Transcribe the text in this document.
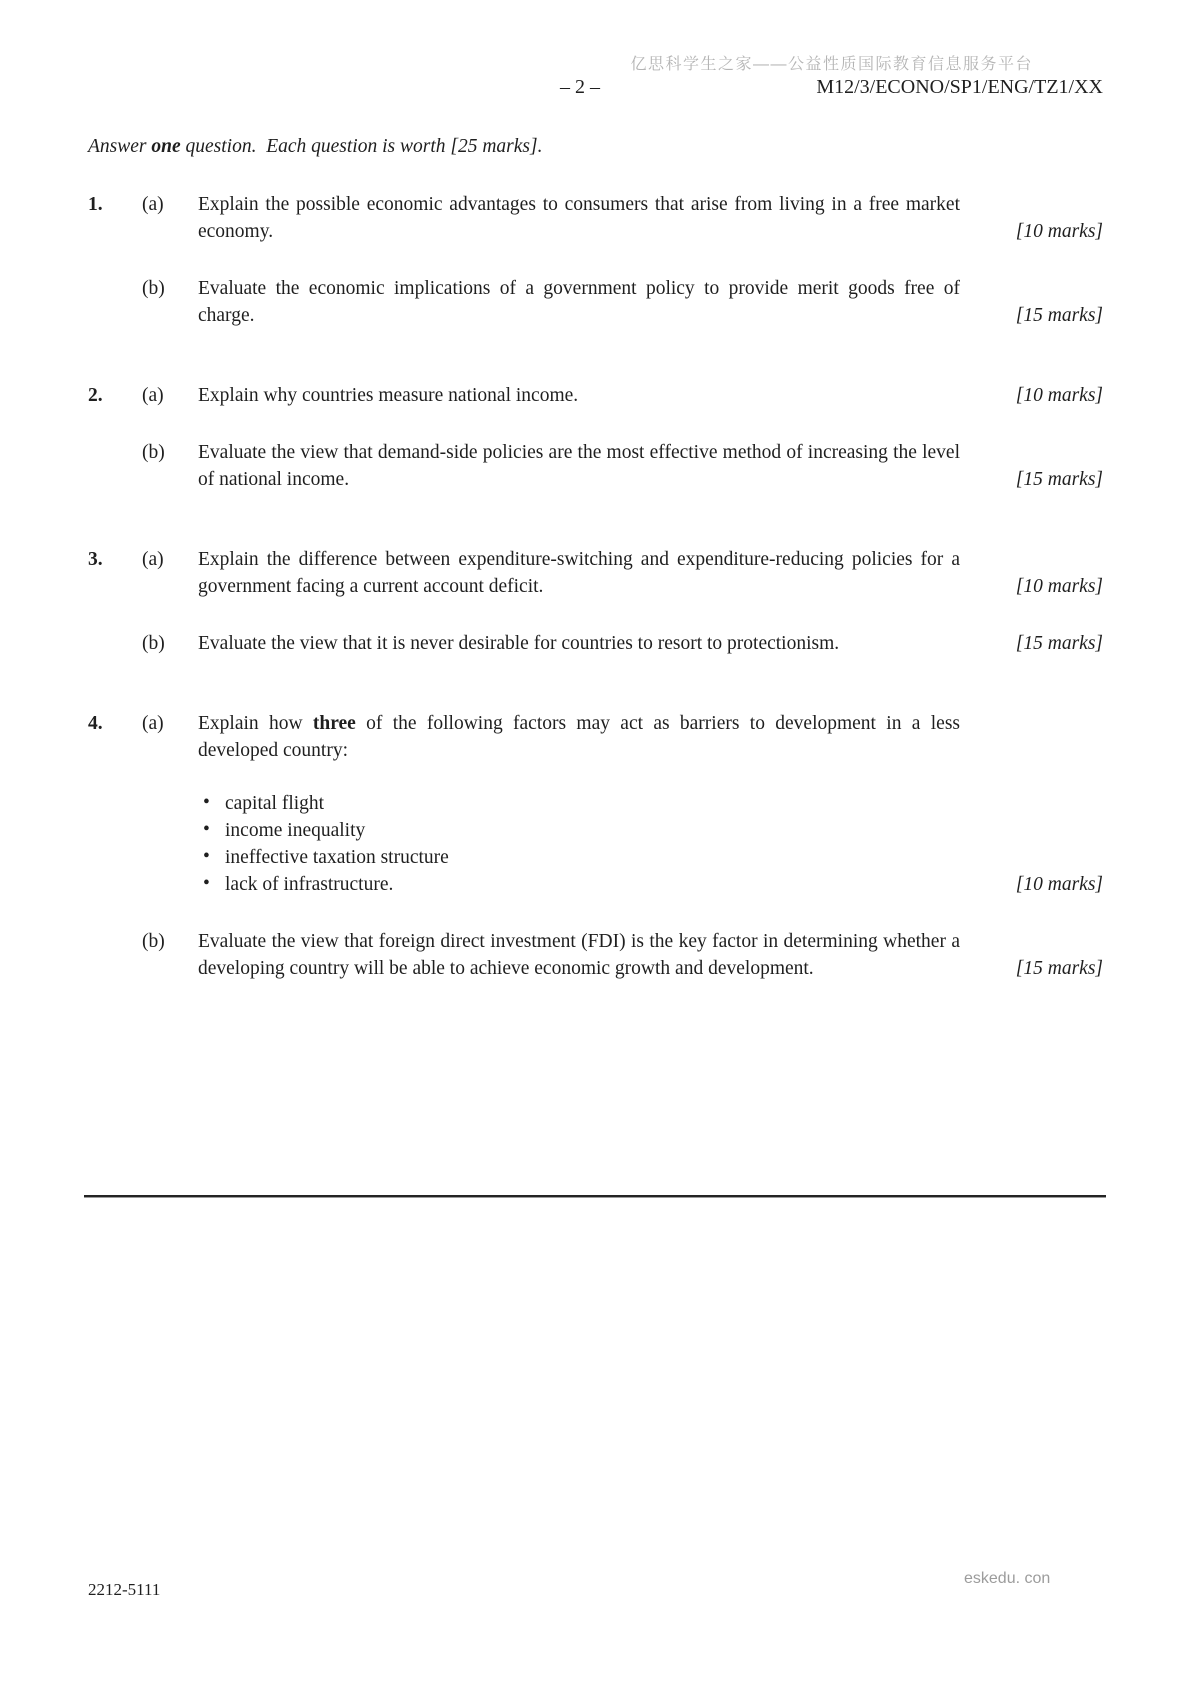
亿思科学生之家——公益性质国际教育信息服务平台
– 2 –	M12/3/ECONO/SP1/ENG/TZ1/XX

Answer one question.  Each question is worth [25 marks].

1.	(a)	Explain the possible economic advantages to consumers that arise from living in a free market economy.	[10 marks]
(b)	Evaluate the economic implications of a government policy to provide merit goods free of charge.	[15 marks]
2.	(a)	Explain why countries measure national income.	[10 marks]
(b)	Evaluate the view that demand-side policies are the most effective method of increasing the level of national income.	[15 marks]
3.	(a)	Explain the difference between expenditure-switching and expenditure-reducing policies for a government facing a current account deficit.	[10 marks]
(b)	Evaluate the view that it is never desirable for countries to resort to protectionism.	[15 marks]
4.	(a)	Explain how three of the following factors may act as barriers to development in a less developed country:

• capital flight
• income inequality
• ineffective taxation structure
• lack of infrastructure.	[10 marks]
(b)	Evaluate the view that foreign direct investment (FDI) is the key factor in determining whether a developing country will be able to achieve economic growth and development.	[15 marks]
2212-5111
eskedu. con
